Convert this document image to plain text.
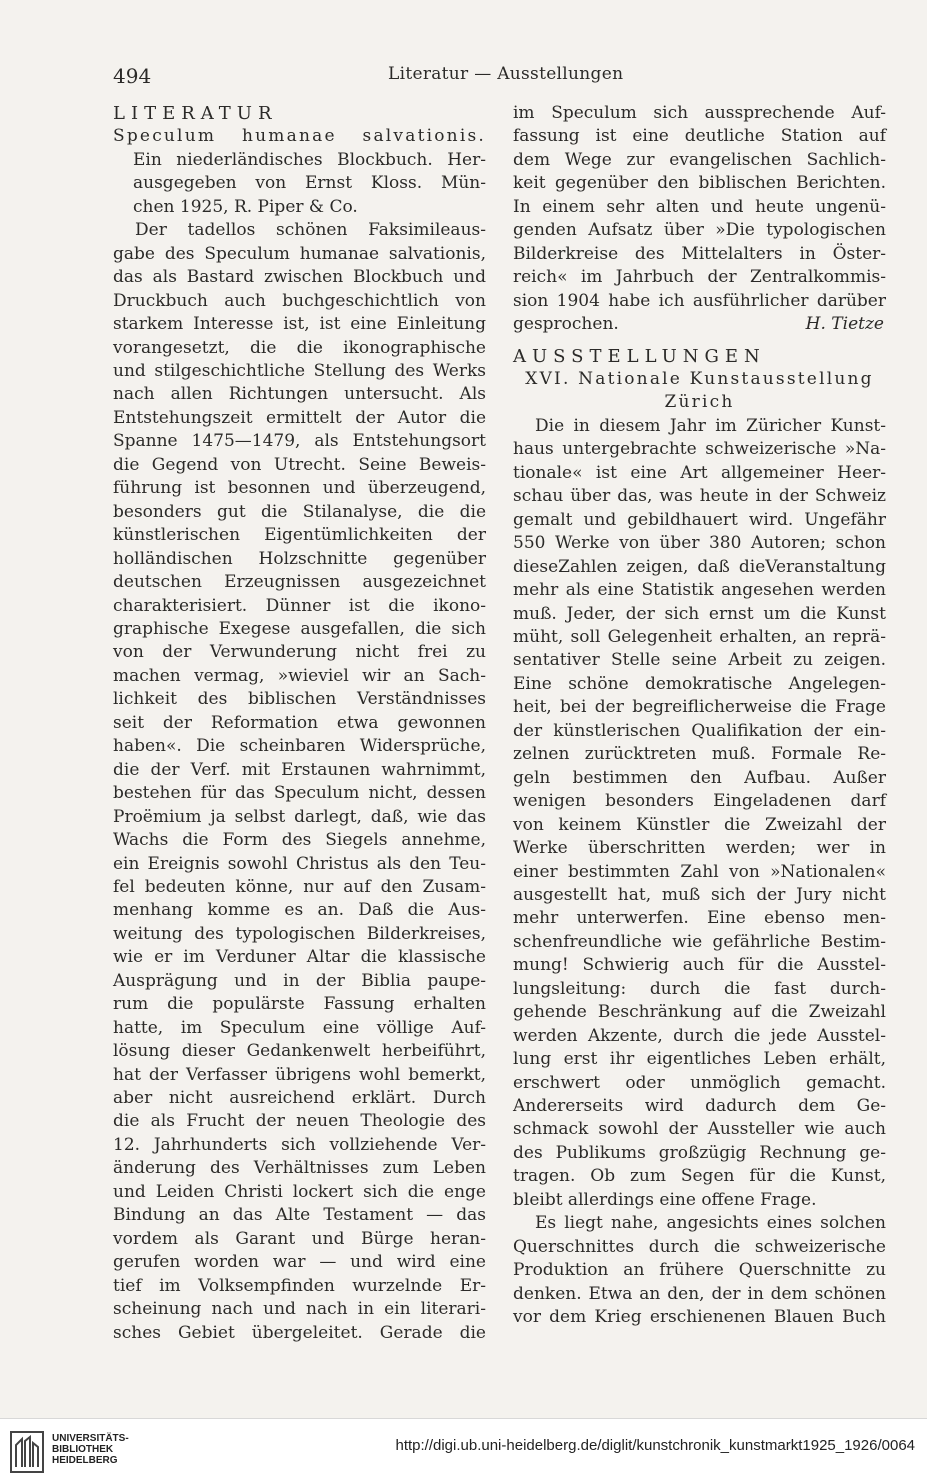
494	Literatur — Ausstellungen

LITERATUR

Speculum humanae salvationis.

Ein niederländisches Blockbuch. Her-

ausgegeben von Ernst Kloss. Mün-

chen 1925, R. Piper & Co.

Der tadellos schönen Faksimileaus-

gabe des Speculum humanae salvationis,

das als Bastard zwischen Blockbuch und

Druckbuch auch buchgeschichtlich von

starkem Interesse ist, ist eine Einleitung

vorangesetzt, die die ikonographische

und stilgeschichtliche Stellung des Werks

nach allen Richtungen untersucht. Als

Entstehungszeit ermittelt der Autor die

Spanne 1475—1479, als Entstehungsort

die Gegend von Utrecht. Seine Beweis-

führung ist besonnen und überzeugend,

besonders gut die Stilanalyse, die die

künstlerischen Eigentümlichkeiten der

holländischen Holzschnitte gegenüber

deutschen Erzeugnissen ausgezeichnet

charakterisiert. Dünner ist die ikono-

graphische Exegese ausgefallen, die sich

von der Verwunderung nicht frei zu

machen vermag, »wieviel wir an Sach-

lichkeit des biblischen Verständnisses

seit der Reformation etwa gewonnen

haben«. Die scheinbaren Widersprüche,

die der Verf. mit Erstaunen wahrnimmt,

bestehen für das Speculum nicht, dessen

Proëmium ja selbst darlegt, daß, wie das

Wachs die Form des Siegels annehme,

ein Ereignis sowohl Christus als den Teu-

fel bedeuten könne, nur auf den Zusam-

menhang komme es an. Daß die Aus-

weitung des typologischen Bilderkreises,

wie er im Verduner Altar die klassische

Ausprägung und in der Biblia paupe-

rum die populärste Fassung erhalten

hatte, im Speculum eine völlige Auf-

lösung dieser Gedankenwelt herbeiführt,

hat der Verfasser übrigens wohl bemerkt,

aber nicht ausreichend erklärt. Durch

die als Frucht der neuen Theologie des

12. Jahrhunderts sich vollziehende Ver-

änderung des Verhältnisses zum Leben

und Leiden Christi lockert sich die enge

Bindung an das Alte Testament — das

vordem als Garant und Bürge heran-

gerufen worden war — und wird eine

tief im Volksempfinden wurzelnde Er-

scheinung nach und nach in ein literari-

sches Gebiet übergeleitet. Gerade die

im Speculum sich aussprechende Auf-

fassung ist eine deutliche Station auf

dem Wege zur evangelischen Sachlich-

keit gegenüber den biblischen Berichten.

In einem sehr alten und heute ungenü-

genden Aufsatz über »Die typologischen

Bilderkreise des Mittelalters in Öster-

reich« im Jahrbuch der Zentralkommis-

sion 1904 habe ich ausführlicher darüber

gesprochen.	H. Tietze

AUSSTELLUNGEN

XVI. Nationale Kunstausstellung

Zürich

Die in diesem Jahr im Züricher Kunst-

haus untergebrachte schweizerische »Na-

tionale« ist eine Art allgemeiner Heer-

schau über das, was heute in der Schweiz

gemalt und gebildhauert wird. Ungefähr

550 Werke von über 380 Autoren; schon

dieseZahlen zeigen, daß dieVeranstaltung

mehr als eine Statistik angesehen werden

muß. Jeder, der sich ernst um die Kunst

müht, soll Gelegenheit erhalten, an reprä-

sentativer Stelle seine Arbeit zu zeigen.

Eine schöne demokratische Angelegen-

heit, bei der begreiflicherweise die Frage

der künstlerischen Qualifikation der ein-

zelnen zurücktreten muß. Formale Re-

geln bestimmen den Aufbau. Außer

wenigen besonders Eingeladenen darf

von keinem Künstler die Zweizahl der

Werke überschritten werden; wer in

einer bestimmten Zahl von »Nationalen«

ausgestellt hat, muß sich der Jury nicht

mehr unterwerfen. Eine ebenso men-

schenfreundliche wie gefährliche Bestim-

mung! Schwierig auch für die Ausstel-

lungsleitung: durch die fast durch-

gehende Beschränkung auf die Zweizahl

werden Akzente, durch die jede Ausstel-

lung erst ihr eigentliches Leben erhält,

erschwert oder unmöglich gemacht.

Andererseits wird dadurch dem Ge-

schmack sowohl der Aussteller wie auch

des Publikums großzügig Rechnung ge-

tragen. Ob zum Segen für die Kunst,

bleibt allerdings eine offene Frage.

Es liegt nahe, angesichts eines solchen

Querschnittes durch die schweizerische

Produktion an frühere Querschnitte zu

denken. Etwa an den, der in dem schönen

vor dem Krieg erschienenen Blauen Buch

UNIVERSITÄTS-
BIBLIOTHEK
HEIDELBERG
http://digi.ub.uni-heidelberg.de/diglit/kunstchronik_kunstmarkt1925_1926/0064
